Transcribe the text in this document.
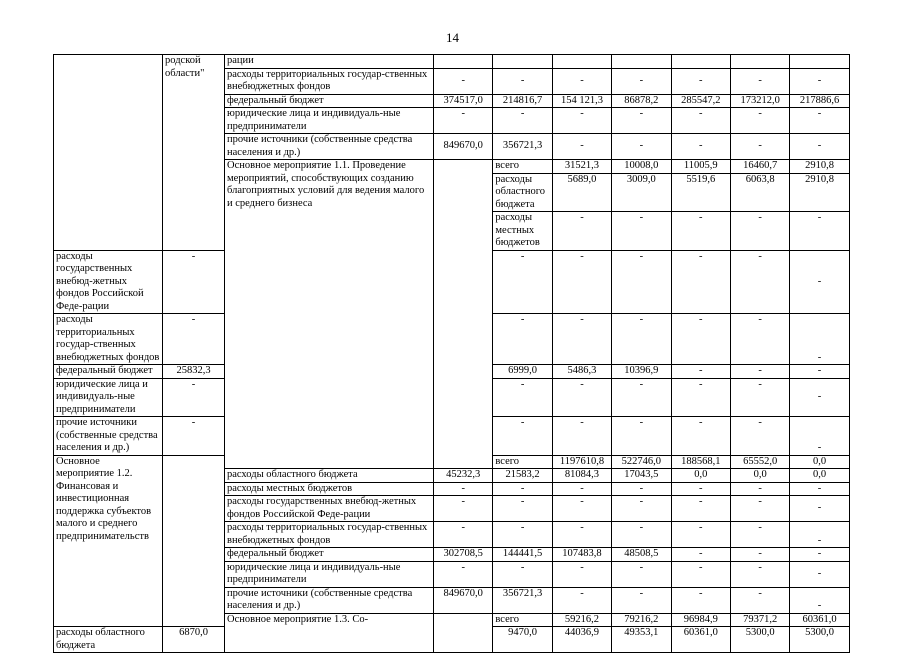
14
	родской области"	рации								
		расходы территориальных государ-ственных внебюджетных фондов	-	-	-	-	-	-	-	
		федеральный бюджет	374517,0	214816,7	154 121,3	86878,2	285547,2	173212,0	217886,6	
		юридические лица и индивидуаль-ные предприниматели	-	-	-	-	-	-	-	
		прочие источники (собственные средства населения и др.)	849670,0	356721,3	-	-	-	-	-	
		Основное мероприятие 1.1. Проведение мероприятий, способствующих созданию благоприятных условий для ведения малого и среднего бизнеса		всего	31521,3	10008,0	11005,9	16460,7	2910,8		
				расходы областного бюджета	5689,0	3009,0	5519,6	6063,8	2910,8		
				расходы местных бюджетов	-	-	-	-	-		
расходы государственных внебюд-жетных фондов Российской Феде-рации	-			-	-	-	-	-	-	
расходы территориальных государ-ственных внебюджетных фондов	-			-	-	-	-	-	-	
федеральный бюджет	25832,3			6999,0	5486,3	10396,9	-	-	-	
юридические лица и индивидуаль-ные предприниматели	-			-	-	-	-	-	-	
прочие источники (собственные средства населения и др.)	-			-	-	-	-	-	-	
Основное мероприятие 1.2. Финансовая и инвестиционная поддержка субъектов малого и среднего предпринимательств				всего	1197610,8	522746,0	188568,1	65552,0	0,0		
		расходы областного бюджета	45232,3	21583,2	81084,3	17043,5	0,0	0,0	0,0	
		расходы местных бюджетов	-	-	-	-	-	-	-	
		расходы государственных внебюд-жетных фондов Российской Феде-рации	-	-	-	-	-	-	-	
		расходы территориальных государ-ственных внебюджетных фондов	-	-	-	-	-	-	-	
		федеральный бюджет	302708,5	144441,5	107483,8	48508,5	-	-	-	
		юридические лица и индивидуаль-ные предприниматели	-	-	-	-	-	-	-	
		прочие источники (собственные средства населения и др.)	849670,0	356721,3	-	-	-	-	-	
		Основное мероприятие 1.3. Со-		всего	59216,2	79216,2	96984,9	79371,2	60361,0		
расходы областного бюджета	6870,0			9470,0	44036,9	49353,1	60361,0	5300,0	5300,0	
